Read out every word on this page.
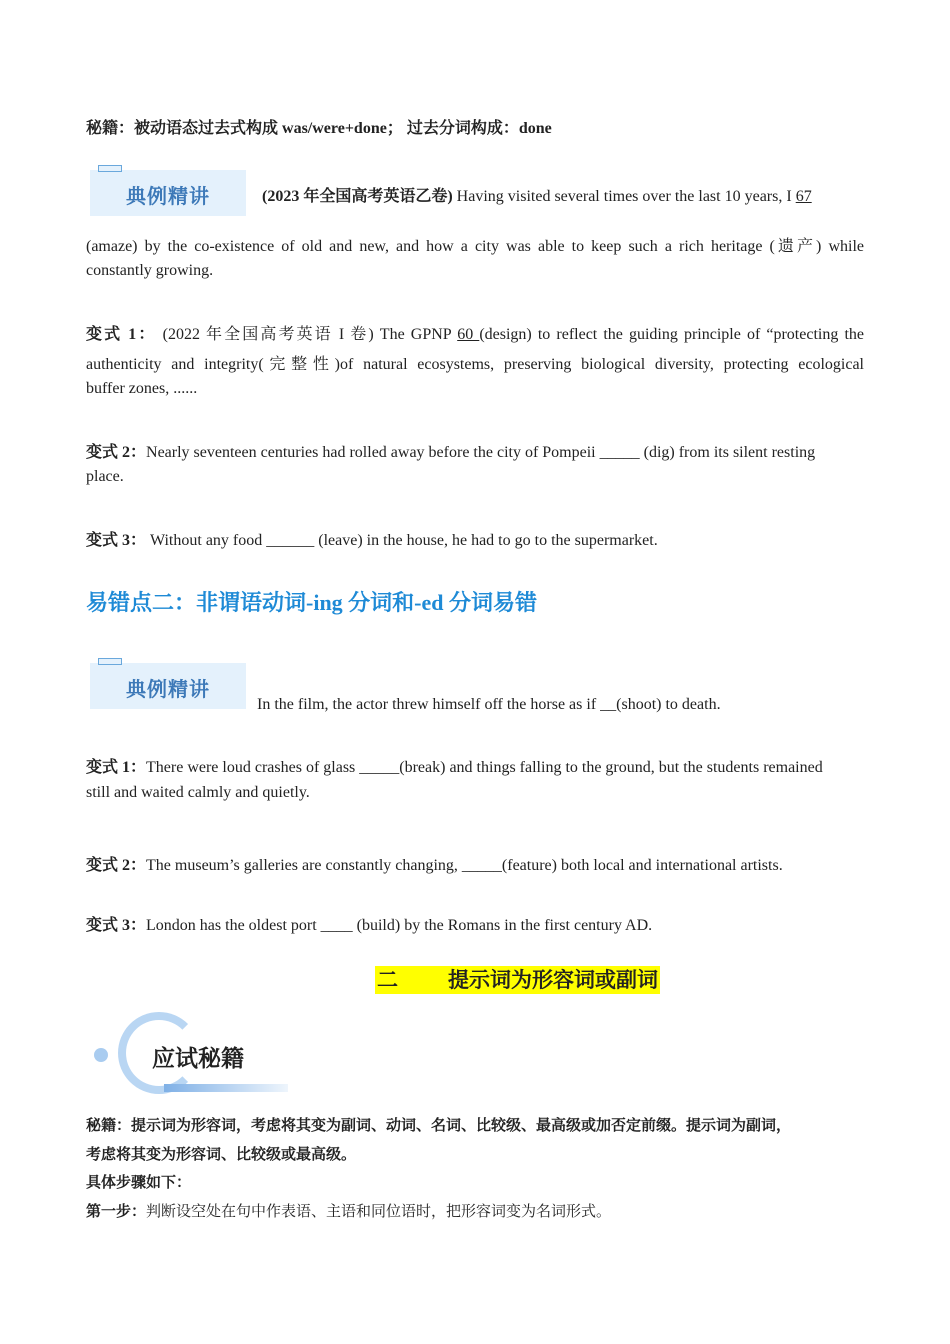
秘籍：被动语态过去式构成 was/were+done； 过去分词构成：done
典例精讲	(2023 年全国高考英语乙卷) Having visited several times over the last 10 years, I 67
(amaze) by the co-existence of old and new, and how a city was able to keep such a rich heritage (遗产) while
constantly growing.
变式 1： (2022 年全国高考英语 I 卷) The GPNP 60 (design) to reflect the guiding principle of “protecting the
authenticity and integrity(完整性)of natural ecosystems, preserving biological diversity, protecting ecological
buffer zones, ......
变式 2：Nearly seventeen centuries had rolled away before the city of Pompeii _____ (dig) from its silent resting
place.
变式 3： Without any food ______ (leave) in the house, he had to go to the supermarket.
易错点二：非谓语动词-ing 分词和-ed 分词易错
典例精讲
In the film, the actor threw himself off the horse as if __(shoot) to death.
变式 1：There were loud crashes of glass _____(break) and things falling to the ground, but the students remained
still and waited calmly and quietly.
变式 2：The museum’s galleries are constantly changing, _____(feature) both local and international artists.
变式 3：London has the oldest port ____ (build) by the Romans in the first century AD.
二 提示词为形容词或副词
应试秘籍
秘籍：提示词为形容词，考虑将其变为副词、动词、名词、比较级、最高级或加否定前缀。提示词为副词，
考虑将其变为形容词、比较级或最高级。
具体步骤如下：
第一步：判断设空处在句中作表语、主语和同位语时，把形容词变为名词形式。
